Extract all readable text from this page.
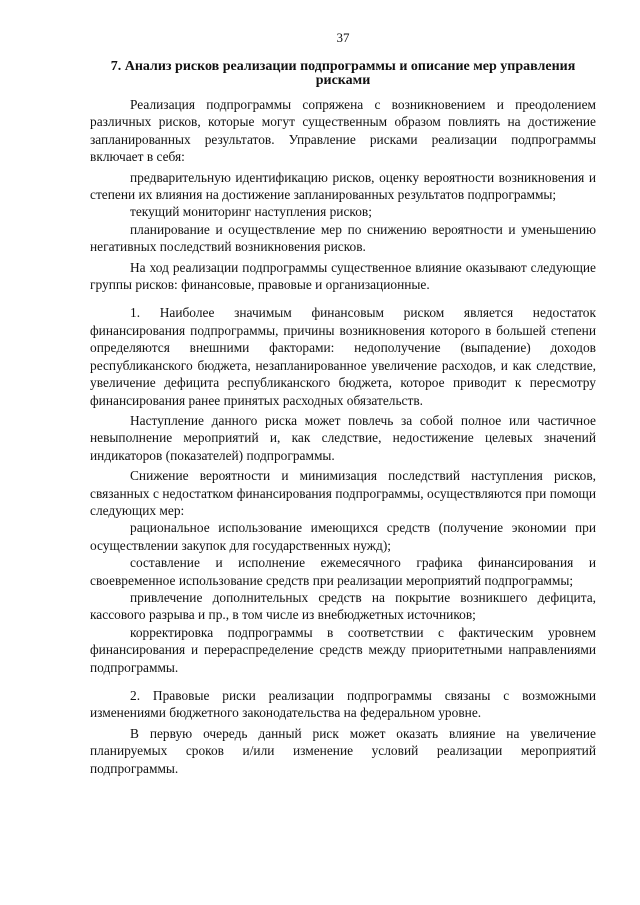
37
7. Анализ рисков реализации подпрограммы и описание мер управления рисками

Реализация подпрограммы сопряжена с возникновением и преодолением различных рисков, которые могут существенным образом повлиять на достижение запланированных результатов. Управление рисками реализации подпрограммы включает в себя:

предварительную идентификацию рисков, оценку вероятности возникновения и степени их влияния на достижение запланированных результатов подпрограммы;

текущий мониторинг наступления рисков;

планирование и осуществление мер по снижению вероятности и уменьшению негативных последствий возникновения рисков.

На ход реализации подпрограммы существенное влияние оказывают следующие группы рисков: финансовые, правовые и организационные.

1. Наиболее значимым финансовым риском является недостаток финансирования подпрограммы, причины возникновения которого в большей степени определяются внешними факторами: недополучение (выпадение) доходов республиканского бюджета, незапланированное увеличение расходов, и как следствие, увеличение дефицита республиканского бюджета, которое приводит к пересмотру финансирования ранее принятых расходных обязательств.

Наступление данного риска может повлечь за собой полное или частичное невыполнение мероприятий и, как следствие, недостижение целевых значений индикаторов (показателей) подпрограммы.

Снижение вероятности и минимизация последствий наступления рисков, связанных с недостатком финансирования подпрограммы, осуществляются при помощи следующих мер:

рациональное использование имеющихся средств (получение экономии при осуществлении закупок для государственных нужд);

составление и исполнение ежемесячного графика финансирования и своевременное использование средств при реализации мероприятий подпрограммы;

привлечение дополнительных средств на покрытие возникшего дефицита, кассового разрыва и пр., в том числе из внебюджетных источников;

корректировка подпрограммы в соответствии с фактическим уровнем финансирования и перераспределение средств между приоритетными направлениями подпрограммы.

2. Правовые риски реализации подпрограммы связаны с возможными изменениями бюджетного законодательства на федеральном уровне.

В первую очередь данный риск может оказать влияние на увеличение планируемых сроков и/или изменение условий реализации мероприятий подпрограммы.
